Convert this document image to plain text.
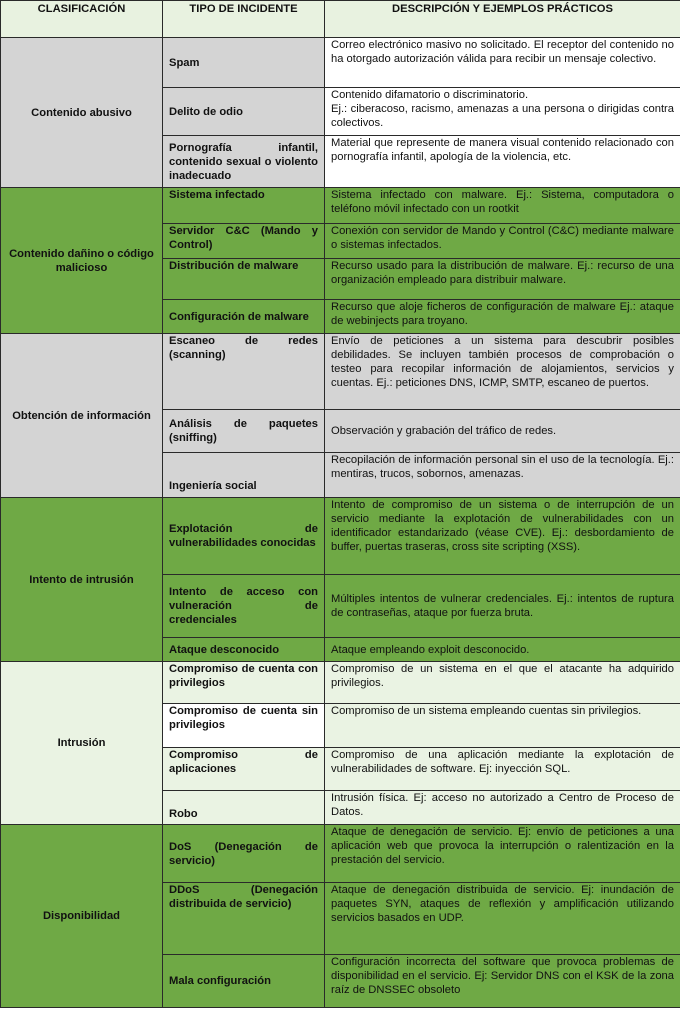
CLASIFICACIÓN	TIPO DE INCIDENTE	DESCRIPCIÓN Y EJEMPLOS PRÁCTICOS
Contenido abusivo	Spam	Correo electrónico masivo no solicitado. El receptor del contenido no ha otorgado autorización válida para recibir un mensaje colectivo.
	Delito de odio	Contenido difamatorio o discriminatorio.
Ej.: ciberacoso, racismo, amenazas a una persona o dirigidas contra colectivos.
	Pornografía infantil, contenido sexual o violento inadecuado	Material que represente de manera visual contenido relacionado con pornografía infantil, apología de la violencia, etc.
Contenido dañino o código malicioso	Sistema infectado	Sistema infectado con malware. Ej.: Sistema, computadora o teléfono móvil infectado con un rootkit
	Servidor C&C (Mando y Control)	Conexión con servidor de Mando y Control (C&C) mediante malware o sistemas infectados.
	Distribución de malware	Recurso usado para la distribución de malware. Ej.: recurso de una organización empleado para distribuir malware.
	Configuración de malware	Recurso que aloje ficheros de configuración de malware Ej.: ataque de webinjects para troyano.
Obtención de información	Escaneo de redes (scanning)	Envío de peticiones a un sistema para descubrir posibles debilidades. Se incluyen también procesos de comprobación o testeo para recopilar información de alojamientos, servicios y cuentas. Ej.: peticiones DNS, ICMP, SMTP, escaneo de puertos.
	Análisis de paquetes (sniffing)	Observación y grabación del tráfico de redes.
	Ingeniería social	Recopilación de información personal sin el uso de la tecnología. Ej.: mentiras, trucos, sobornos, amenazas.
Intento de intrusión	Explotación de vulnerabilidades conocidas	Intento de compromiso de un sistema o de interrupción de un servicio mediante la explotación de vulnerabilidades con un identificador estandarizado (véase CVE). Ej.: desbordamiento de buffer, puertas traseras, cross site scripting (XSS).
	Intento de acceso con vulneración de credenciales	Múltiples intentos de vulnerar credenciales. Ej.: intentos de ruptura de contraseñas, ataque por fuerza bruta.
	Ataque desconocido	Ataque empleando exploit desconocido.
Intrusión	Compromiso de cuenta con privilegios	Compromiso de un sistema en el que el atacante ha adquirido privilegios.
	Compromiso de cuenta sin privilegios	Compromiso de un sistema empleando cuentas sin privilegios.
	Compromiso de aplicaciones	Compromiso de una aplicación mediante la explotación de vulnerabilidades de software. Ej: inyección SQL.
	Robo	Intrusión física. Ej: acceso no autorizado a Centro de Proceso de Datos.
Disponibilidad	DoS (Denegación de servicio)	Ataque de denegación de servicio. Ej: envío de peticiones a una aplicación web que provoca la interrupción o ralentización en la prestación del servicio.
	DDoS (Denegación distribuida de servicio)	Ataque de denegación distribuida de servicio. Ej: inundación de paquetes SYN, ataques de reflexión y amplificación utilizando servicios basados en UDP.
	Mala configuración	Configuración incorrecta del software que provoca problemas de disponibilidad en el servicio. Ej: Servidor DNS con el KSK de la zona raíz de DNSSEC obsoleto
